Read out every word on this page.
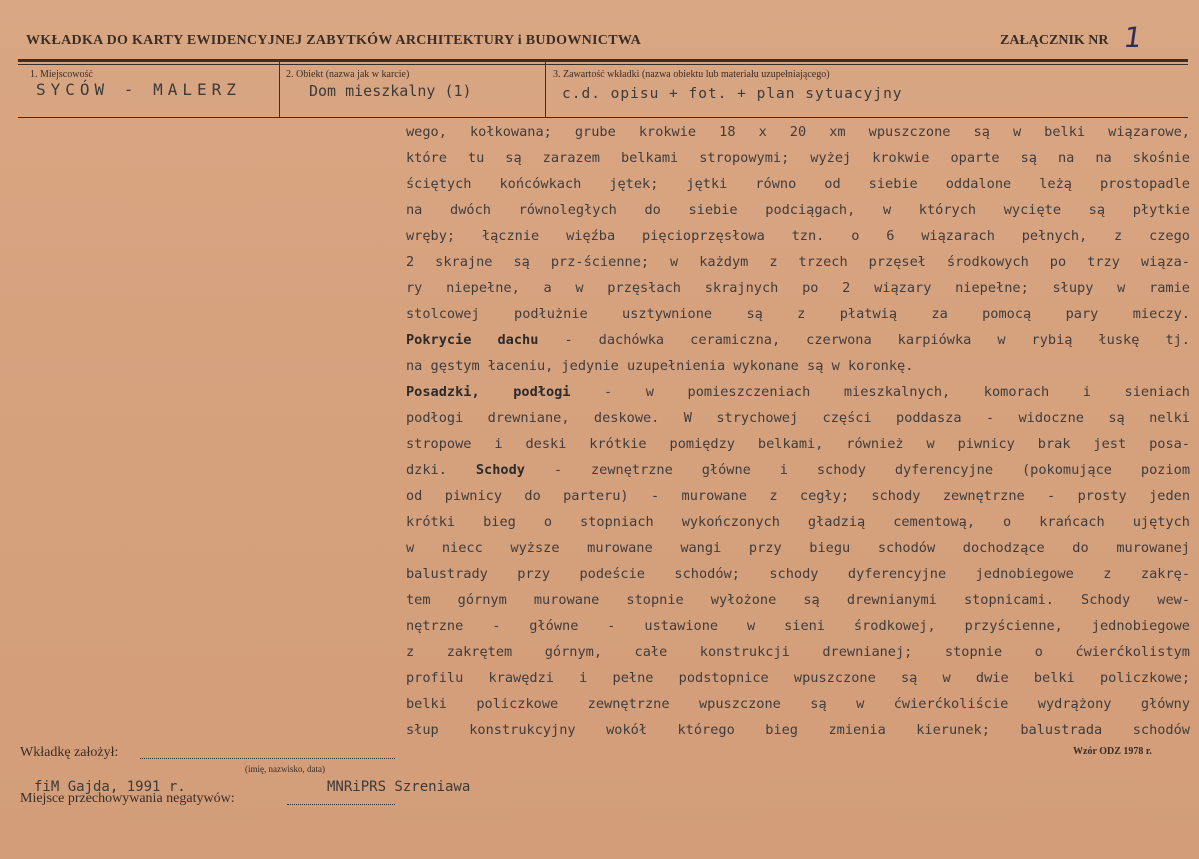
WKŁADKA DO KARTY EWIDENCYJNEJ ZABYTKÓW ARCHITEKTURY i BUDOWNICTWA	ZAŁĄCZNIK NR 1
1. Miejscowość
SYCÓW - MALERZ
2. Obiekt (nazwa jak w karcie)
Dom mieszkalny (1)
3. Zawartość wkładki (nazwa obiektu lub materiału uzupełniającego)
c.d. opisu + fot. + plan sytuacyjny
wego, kołkowana; grube krokwie 18 x 20 xm wpuszczone są w belki wiązarowe,
które tu są zarazem belkami stropowymi; wyżej krokwie oparte są na na skośnie
ściętych końcówkach jętek; jętki równo od siebie oddalone leżą prostopadle
na dwóch równoległych do siebie podciągach, w których wycięte są płytkie
wręby; łącznie więźba pięcioprzęsłowa tzn. o 6 wiązarach pełnych, z czego
2 skrajne są prz-ścienne; w każdym z trzech przęseł środkowych po trzy wiąza-
ry niepełne, a w przęsłach skrajnych po 2 wiązary niepełne; słupy w ramie
stolcowej podłużnie usztywnione są z płatwią za pomocą pary mieczy.
Pokrycie dachu - dachówka ceramiczna, czerwona karpiówka w rybią łuskę tj.
na gęstym łaceniu, jedynie uzupełnienia wykonane są w koronkę.
Posadzki, podłogi - w pomieszczeniach mieszkalnych, komorach i sieniach
podłogi drewniane, deskowe. W strychowej części poddasza - widoczne są nelki
stropowe i deski krótkie pomiędzy belkami, również w piwnicy brak jest posa-
dzki. Schody - zewnętrzne główne i schody dyferencyjne (pokomujące poziom
od piwnicy do parteru) - murowane z cegły; schody zewnętrzne - prosty jeden
krótki bieg o stopniach wykończonych gładzią cementową, o krańcach ujętych
w niecc wyższe murowane wangi przy biegu schodów dochodzące do murowanej
balustrady przy podeście schodów; schody dyferencyjne jednobiegowe z zakrę-
tem górnym murowane stopnie wyłożone są drewnianymi stopnicami. Schody wew-
nętrzne - główne - ustawione w sieni środkowej, przyścienne, jednobiegowe
z zakrętem górnym, całe konstrukcji drewnianej; stopnie o ćwierćkolistym
profilu krawędzi i pełne podstopnice wpuszczone są w dwie belki policzkowe;
belki policzkowe zewnętrzne wpuszczone są w ćwierćkoliście wydrążony główny
słup konstrukcyjny wokół którego bieg zmienia kierunek; balustrada schodów
Wkładkę założył:
(imię, nazwisko, data)
fiM Gajda, 1991 r.
Miejsce przechowywania negatywów:
MNRiPRS Szreniawa
Wzór ODZ 1978 r.
